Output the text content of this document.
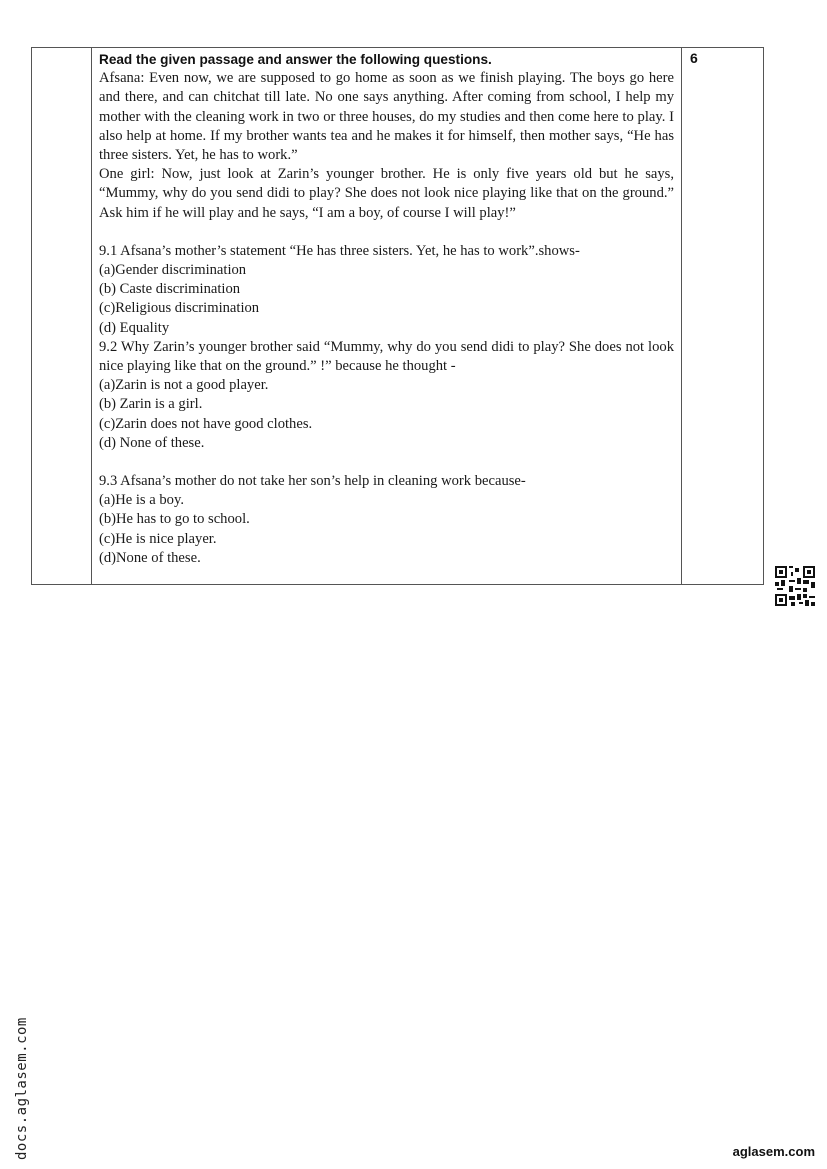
Read the given passage and answer the following questions.
Afsana: Even now, we are supposed to go home as soon as we finish playing. The boys go here and there, and can chitchat till late. No one says anything. After coming from school, I help my mother with the cleaning work in two or three houses, do my studies and then come here to play. I also help at home. If my brother wants tea and he makes it for himself, then mother says, “He has three sisters. Yet, he has to work.”
One girl: Now, just look at Zarin’s younger brother. He is only five years old but he says, “Mummy, why do you send didi to play? She does not look nice playing like that on the ground.” Ask him if he will play and he says, “I am a boy, of course I will play!”
9.1 Afsana’s mother’s statement “He has three sisters. Yet, he has to work”.shows-
(a)Gender discrimination
(b) Caste discrimination
(c)Religious discrimination
(d) Equality
9.2 Why Zarin’s younger brother said “Mummy, why do you send didi to play? She does not look nice playing like that on the ground.” !” because he thought -
(a)Zarin is not a good player.
(b) Zarin is a girl.
(c)Zarin does not have good clothes.
(d) None of these.
9.3 Afsana’s mother do not take her son’s help in cleaning work because-
(a)He is a boy.
(b)He has to go to school.
(c)He is nice player.
(d)None of these.
6
docs.aglasem.com	aglasem.com
